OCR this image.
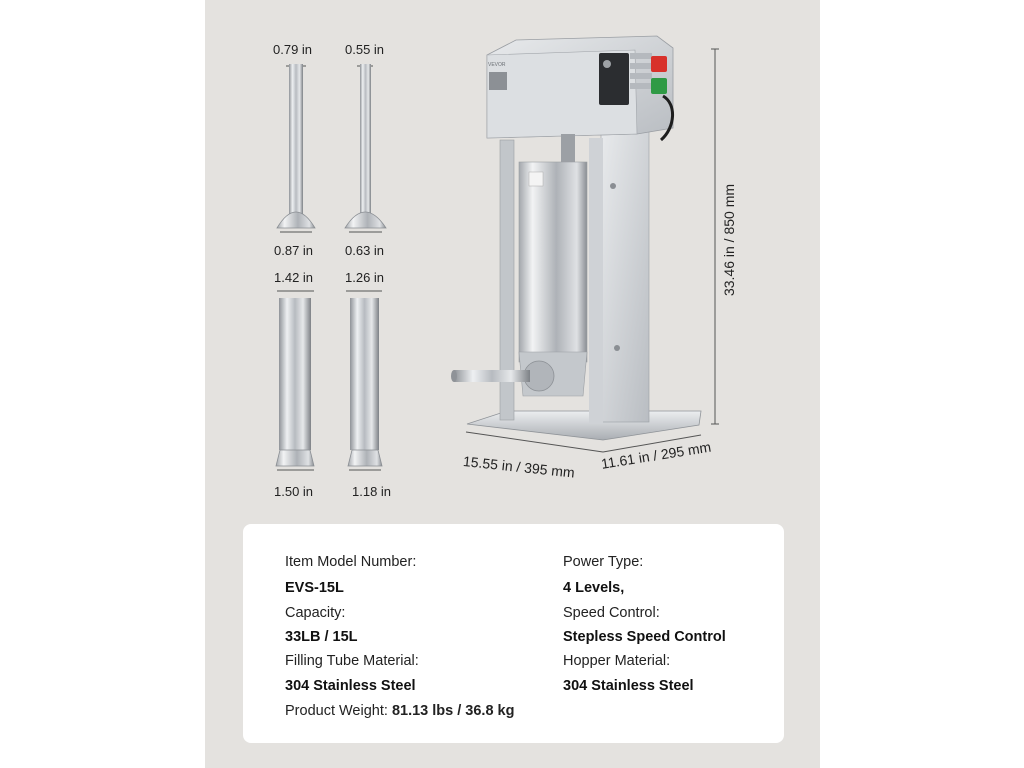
VEVOR
0.79 in
0.87 in
0.55 in
0.63 in
1.42 in
1.50 in
1.26 in
1.18 in
33.46 in / 850 mm
15.55 in / 395 mm 11.61 in / 295 mm
Item Model Number:
EVS-15L
Capacity:
33LB / 15L
Filling Tube Material:
304 Stainless Steel
Product Weight: 81.13 lbs / 36.8 kg
Power Type:
4 Levels,
Speed Control:
Stepless Speed Control
Hopper Material:
304 Stainless Steel
